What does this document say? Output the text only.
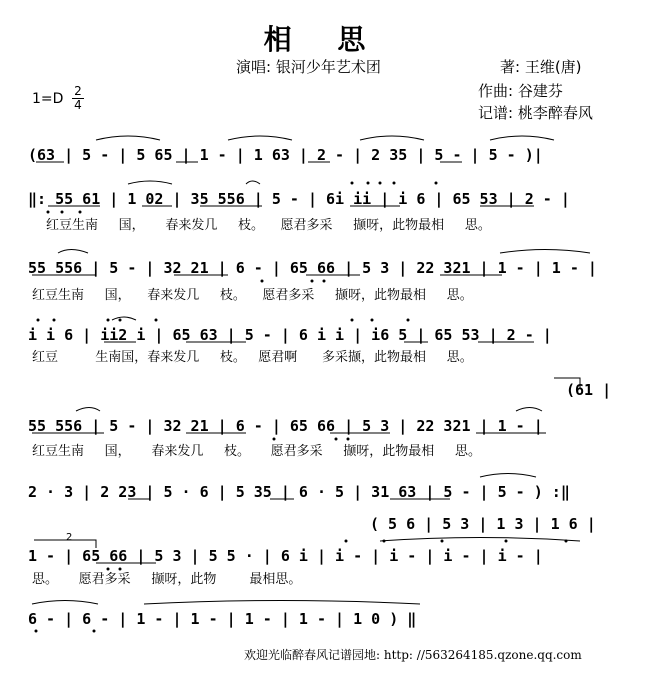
相 思
演唱: 银河少年艺术团	著: 王维(唐)
作曲: 谷建芬
记谱: 桃李醉春风
1=D 2
4
(63 | 5 - | 5 65 | 1 - | 1 63 | 2 - | 2 35 | 5 - | 5 - )|
‖: 55 61 | 1 02 | 35 556 | 5 - | 6i ii | i 6 | 65 53 | 2 - |
红豆生南     国，     春来发几     枝。    愿君多采     撷呀，此物最相     思。
55 556 | 5 - | 32 21 | 6 - | 65 66 | 5 3 | 22 321 | 1 - | 1 - |
红豆生南     国，    春来发几     枝。    愿君多采     撷呀，此物最相     思。
i i 6 | ii2 i | 65 63 | 5 - | 6 i i | i6 5 | 65 53 | 2 - |
红豆         生南国，春来发几     枝。   愿君啊      多采撷，此物最相     思。
(61 |
55 556 | 5 - | 32 21 | 6 - | 65 66 | 5 3 | 22 321 | 1 - |
红豆生南     国，     春来发几     枝。     愿君多采     撷呀，此物最相     思。
2 · 3 | 2 23 | 5 · 6 | 5 35 | 6 · 5 | 31 63 | 5 - | 5 - ) :‖
( 5 6 | 5 3 | 1 3 | 1 6 |
2
1 - | 65 66 | 5 3 | 5 5 · | 6 i | i - | i - | i - | i - |
思。     愿君多采     撷呀，此物        最相思。
6 - | 6 - | 1 - | 1 - | 1 - | 1 - | 1 0 ) ‖
欢迎光临醉春风记谱园地: http: //563264185.qzone.qq.com
